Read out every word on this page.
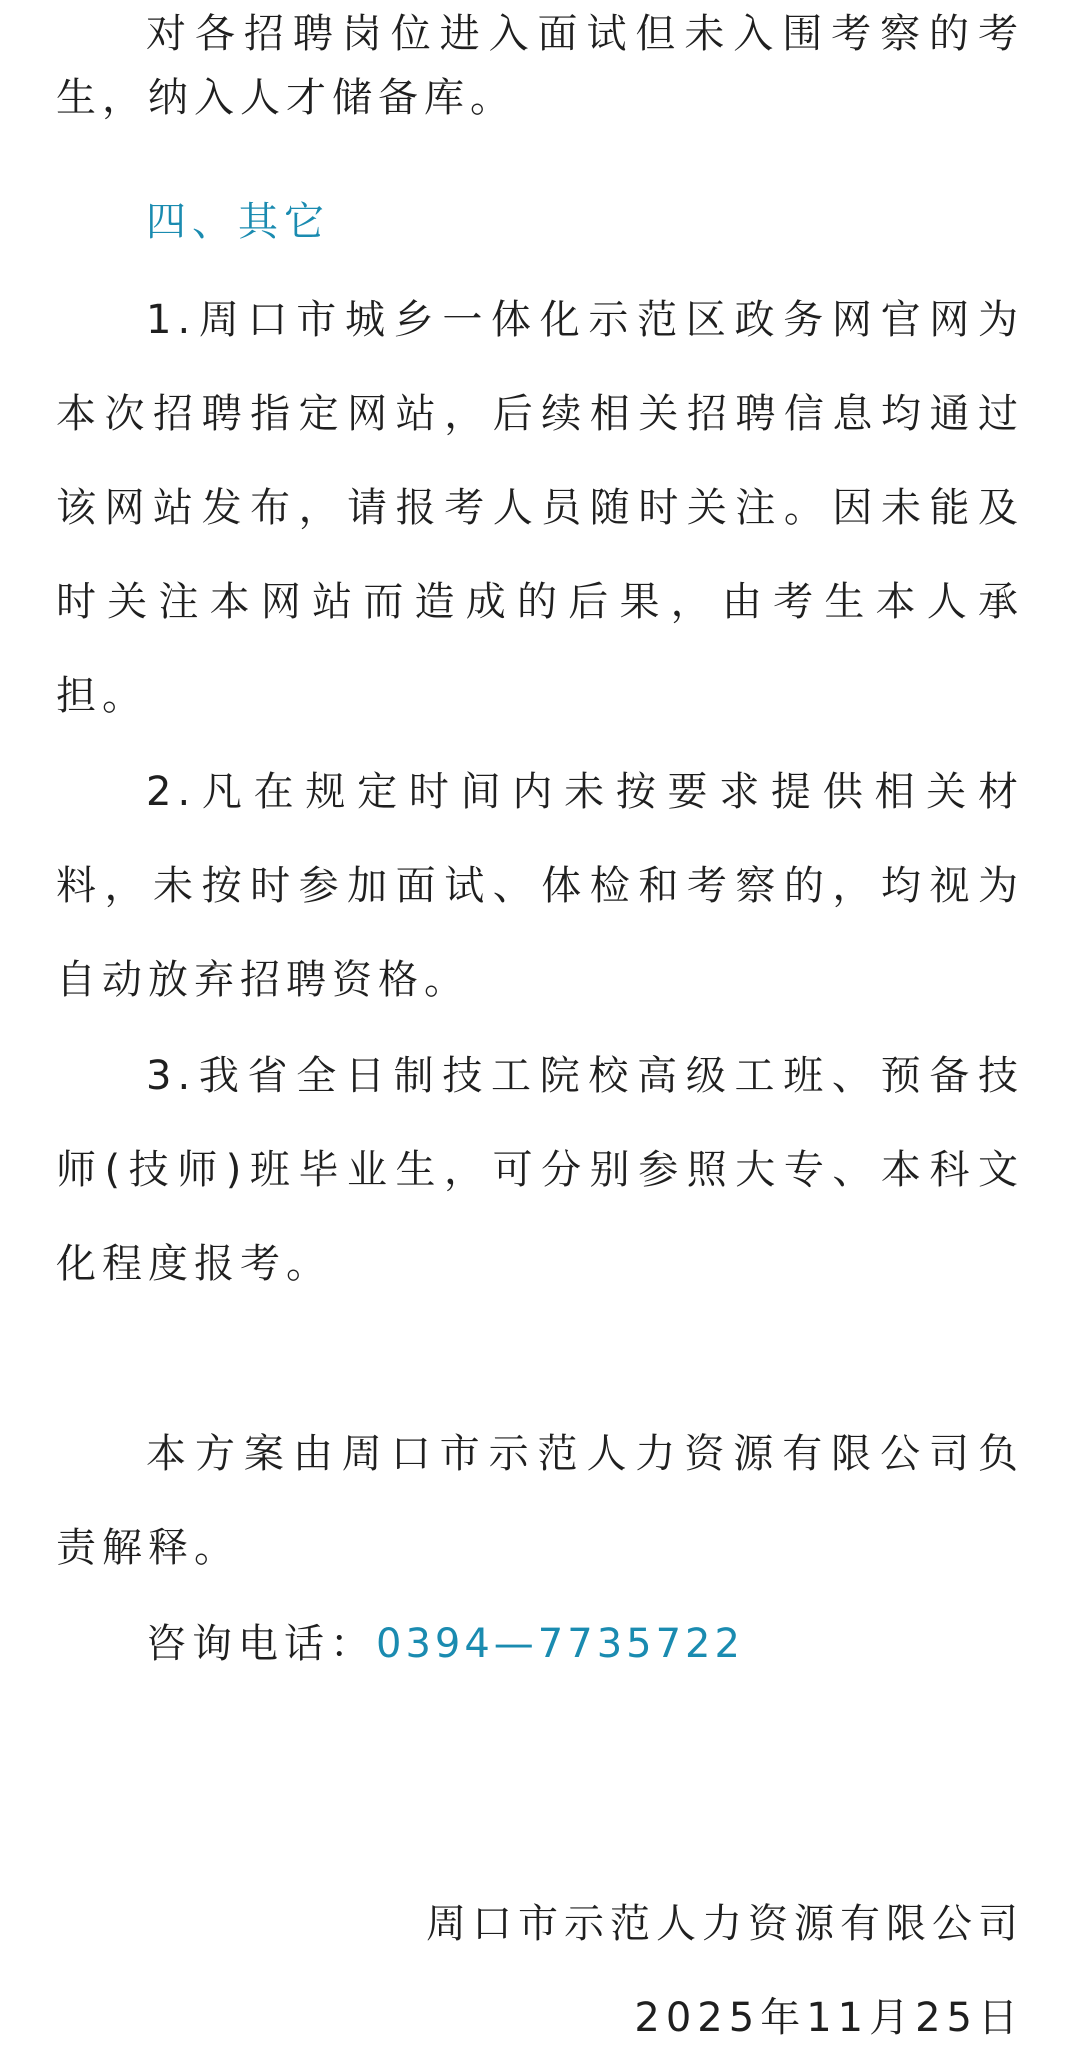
对各招聘岗位进入面试但未入围考察的考
生，纳入人才储备库。
四、其它
1.周口市城乡一体化示范区政务网官网为
本次招聘指定网站，后续相关招聘信息均通过
该网站发布，请报考人员随时关注。因未能及
时关注本网站而造成的后果，由考生本人承
担。
2.凡在规定时间内未按要求提供相关材
料，未按时参加面试、体检和考察的，均视为
自动放弃招聘资格。
3.我省全日制技工院校高级工班、预备技
师(技师)班毕业生，可分别参照大专、本科文
化程度报考。
本方案由周口市示范人力资源有限公司负
责解释。
咨询电话：0394—7735722
周口市示范人力资源有限公司
2025年11月25日
